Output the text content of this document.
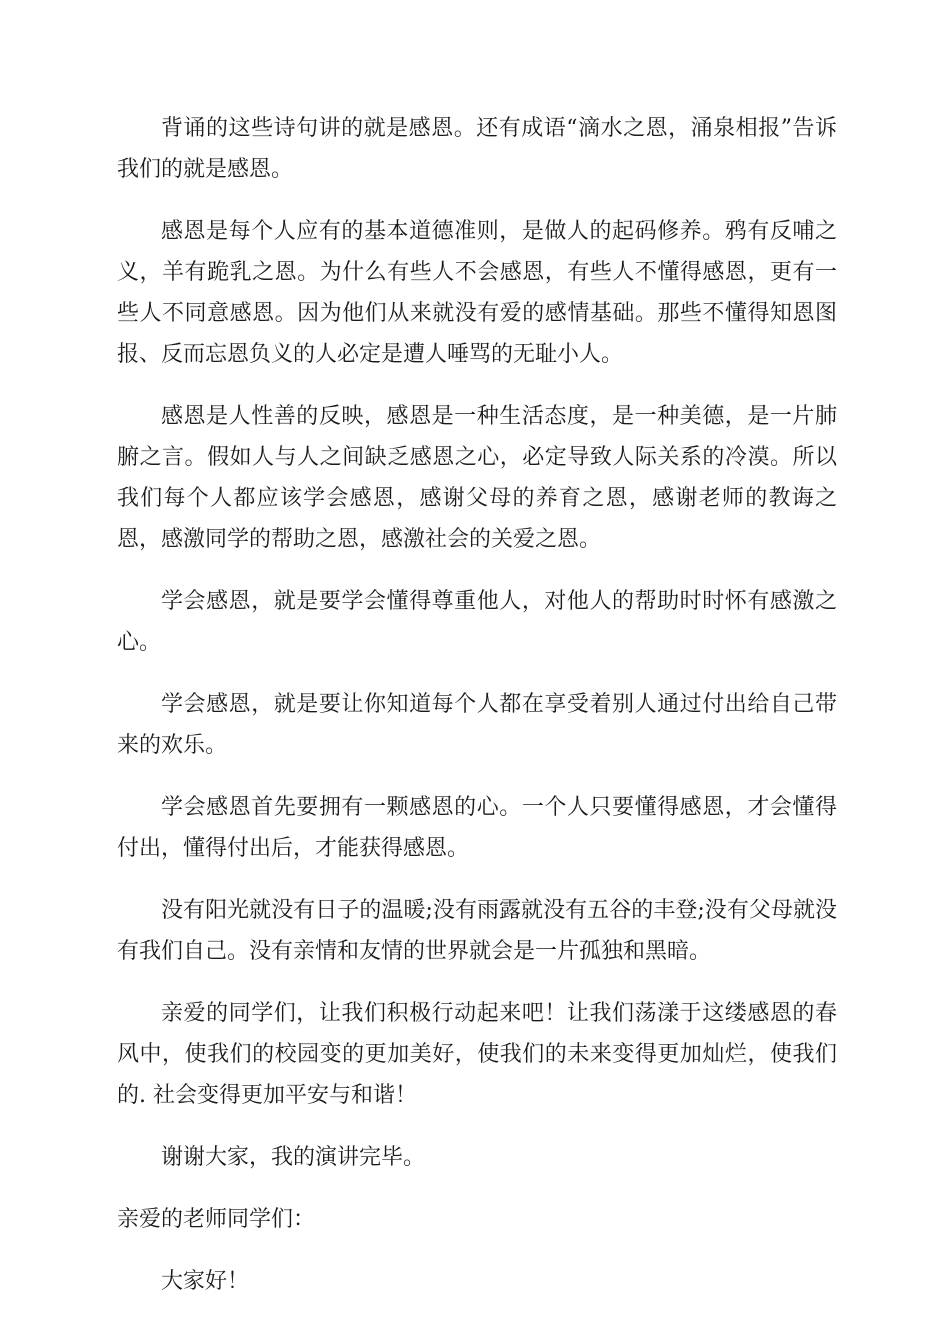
背诵的这些诗句讲的就是感恩。还有成语“滴水之恩，涌泉相报”告诉我们的就是感恩。

感恩是每个人应有的基本道德准则，是做人的起码修养。鸦有反哺之义，羊有跪乳之恩。为什么有些人不会感恩，有些人不懂得感恩，更有一些人不同意感恩。因为他们从来就没有爱的感情基础。那些不懂得知恩图报、反而忘恩负义的人必定是遭人唾骂的无耻小人。

感恩是人性善的反映，感恩是一种生活态度，是一种美德，是一片肺腑之言。假如人与人之间缺乏感恩之心，必定导致人际关系的冷漠。所以我们每个人都应该学会感恩，感谢父母的养育之恩，感谢老师的教诲之恩，感激同学的帮助之恩，感激社会的关爱之恩。

学会感恩，就是要学会懂得尊重他人，对他人的帮助时时怀有感激之心。

学会感恩，就是要让你知道每个人都在享受着别人通过付出给自己带来的欢乐。

学会感恩首先要拥有一颗感恩的心。一个人只要懂得感恩，才会懂得付出，懂得付出后，才能获得感恩。

没有阳光就没有日子的温暖;没有雨露就没有五谷的丰登;没有父母就没有我们自己。没有亲情和友情的世界就会是一片孤独和黑暗。

亲爱的同学们，让我们积极行动起来吧！让我们荡漾于这缕感恩的春风中，使我们的校园变的更加美好，使我们的未来变得更加灿烂，使我们的. 社会变得更加平安与和谐！

谢谢大家，我的演讲完毕。

亲爱的老师同学们：

大家好！
